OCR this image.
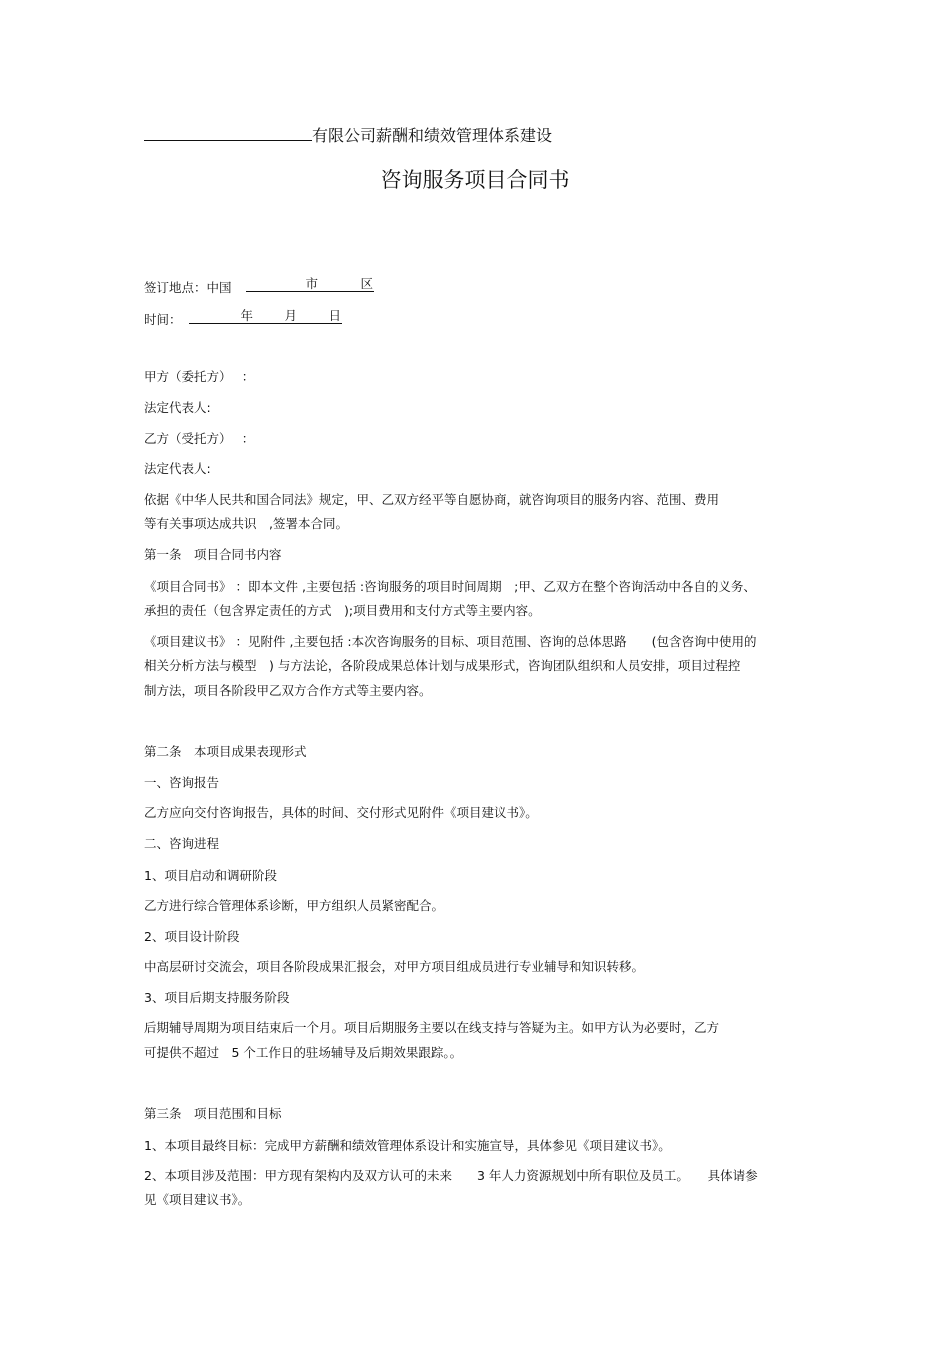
有限公司薪酬和绩效管理体系建设
咨询服务项目合同书
签订地点：中国	市	区
时间：	年	月	日
甲方（委托方）　 ：
法定代表人:
乙方（受托方）　 ：
法定代表人:
依据《中华人民共和国合同法》规定，甲、乙双方经平等自愿协商，就咨询项目的服务内容、范围、费用
等有关事项达成共识　,签署本合同。
第一条　项目合同书内容
《项目合同书》 ：即本文件 ,主要包括 :咨询服务的项目时间周期　;甲、乙双方在整个咨询活动中各自的义务、
承担的责任（包含界定责任的方式　);项目费用和支付方式等主要内容。
《项目建议书》 ：见附件 ,主要包括 :本次咨询服务的目标、项目范围、咨询的总体思路　　(包含咨询中使用的
相关分析方法与模型　) 与方法论，各阶段成果总体计划与成果形式，咨询团队组织和人员安排，项目过程控
制方法，项目各阶段甲乙双方合作方式等主要内容。
第二条　本项目成果表现形式
一、咨询报告
乙方应向交付咨询报告，具体的时间、交付形式见附件《项目建议书》。
二、咨询进程
1、项目启动和调研阶段
乙方进行综合管理体系诊断，甲方组织人员紧密配合。
2、项目设计阶段
中高层研讨交流会，项目各阶段成果汇报会，对甲方项目组成员进行专业辅导和知识转移。
3、项目后期支持服务阶段
后期辅导周期为项目结束后一个月。项目后期服务主要以在线支持与答疑为主。如甲方认为必要时，乙方
可提供不超过　5 个工作日的驻场辅导及后期效果跟踪。。
第三条　项目范围和目标
1、本项目最终目标：完成甲方薪酬和绩效管理体系设计和实施宣导，具体参见《项目建议书》。
2、本项目涉及范围：甲方现有架构内及双方认可的未来　　3 年人力资源规划中所有职位及员工。　　具体请参
见《项目建议书》。
